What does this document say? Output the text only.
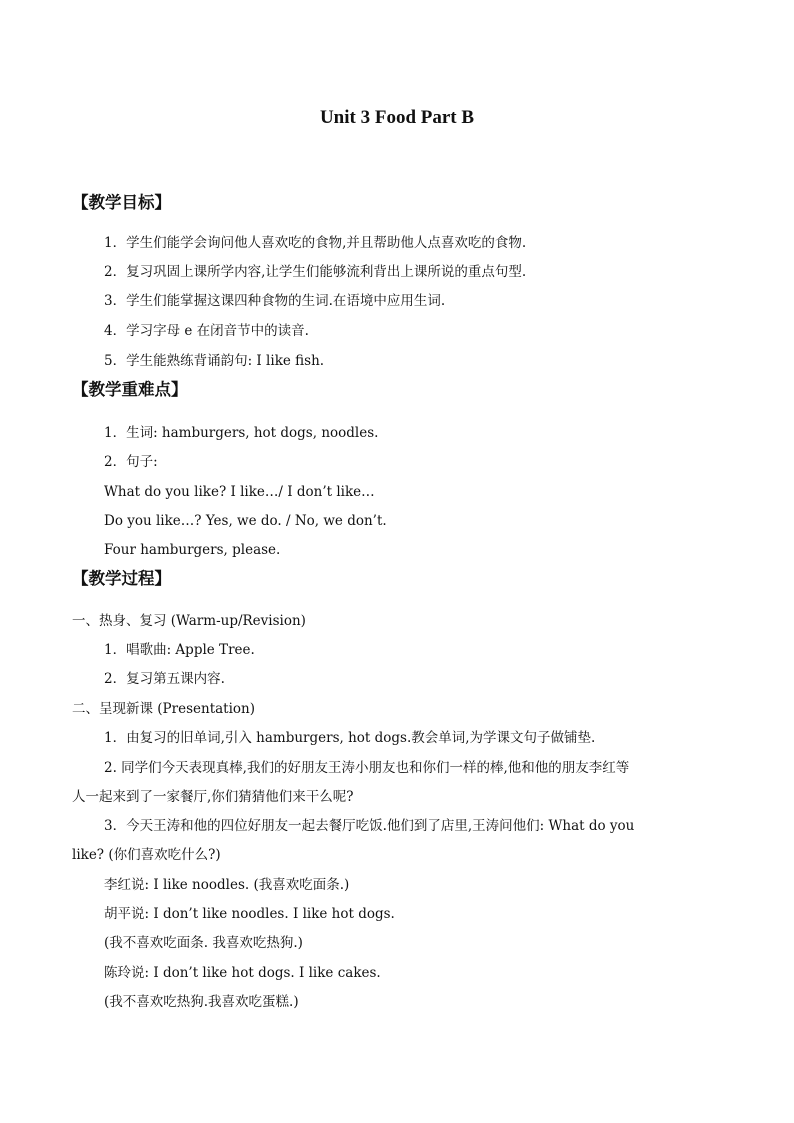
Unit 3 Food Part B
【教学目标】
1．学生们能学会询问他人喜欢吃的食物,并且帮助他人点喜欢吃的食物.
2．复习巩固上课所学内容,让学生们能够流利背出上课所说的重点句型.
3．学生们能掌握这课四种食物的生词.在语境中应用生词.
4．学习字母 e 在闭音节中的读音.
5．学生能熟练背诵韵句: I like fish.
【教学重难点】
1．生词: hamburgers, hot dogs, noodles.
2．句子:
What do you like? I like…/ I don’t like…
Do you like…? Yes, we do. / No, we don’t.
Four hamburgers, please.
【教学过程】
一、热身、复习 (Warm-up/Revision)
1．唱歌曲: Apple Tree.
2．复习第五课内容.
二、呈现新课 (Presentation)
1．由复习的旧单词,引入 hamburgers, hot dogs.教会单词,为学课文句子做铺垫.
2. 同学们今天表现真棒,我们的好朋友王涛小朋友也和你们一样的棒,他和他的朋友李红等
人一起来到了一家餐厅,你们猜猜他们来干么呢?
3．今天王涛和他的四位好朋友一起去餐厅吃饭.他们到了店里,王涛问他们: What do you
like? (你们喜欢吃什么?)
李红说: I like noodles. (我喜欢吃面条.)
胡平说: I don’t like noodles. I like hot dogs.
(我不喜欢吃面条. 我喜欢吃热狗.)
陈玲说: I don’t like hot dogs. I like cakes.
(我不喜欢吃热狗.我喜欢吃蛋糕.)
